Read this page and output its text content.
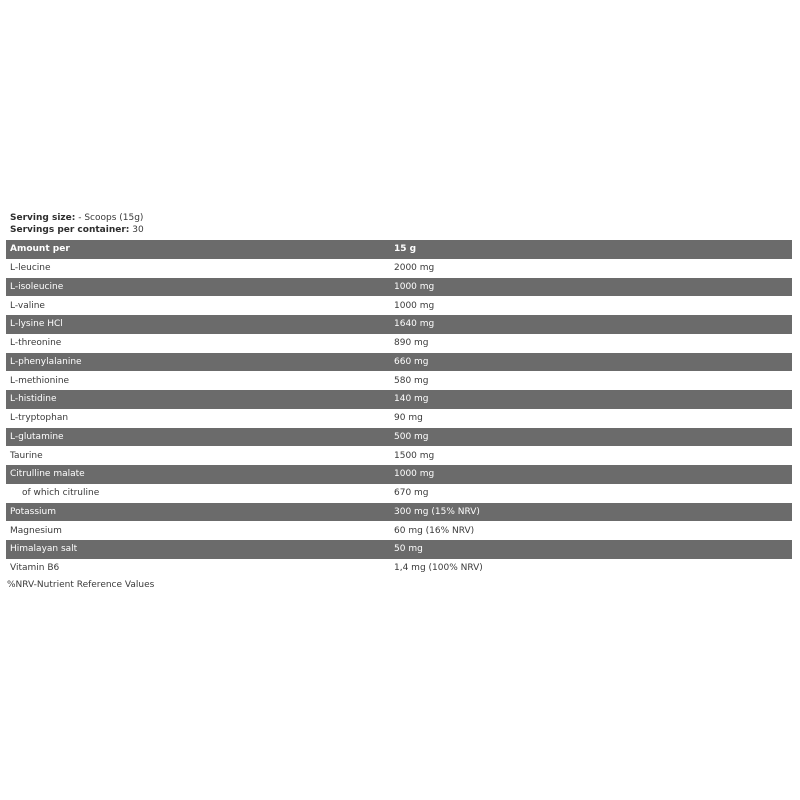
Serving size: - Scoops (15g)
Servings per container: 30
Amount per	15 g
L-leucine	2000 mg
L-isoleucine	1000 mg
L-valine	1000 mg
L-lysine HCl	1640 mg
L-threonine	890 mg
L-phenylalanine	660 mg
L-methionine	580 mg
L-histidine	140 mg
L-tryptophan	90 mg
L-glutamine	500 mg
Taurine	1500 mg
Citrulline malate	1000 mg
of which citruline	670 mg
Potassium	300 mg (15% NRV)
Magnesium	60 mg (16% NRV)
Himalayan salt	50 mg
Vitamin B6	1,4 mg (100% NRV)
%NRV-Nutrient Reference Values
